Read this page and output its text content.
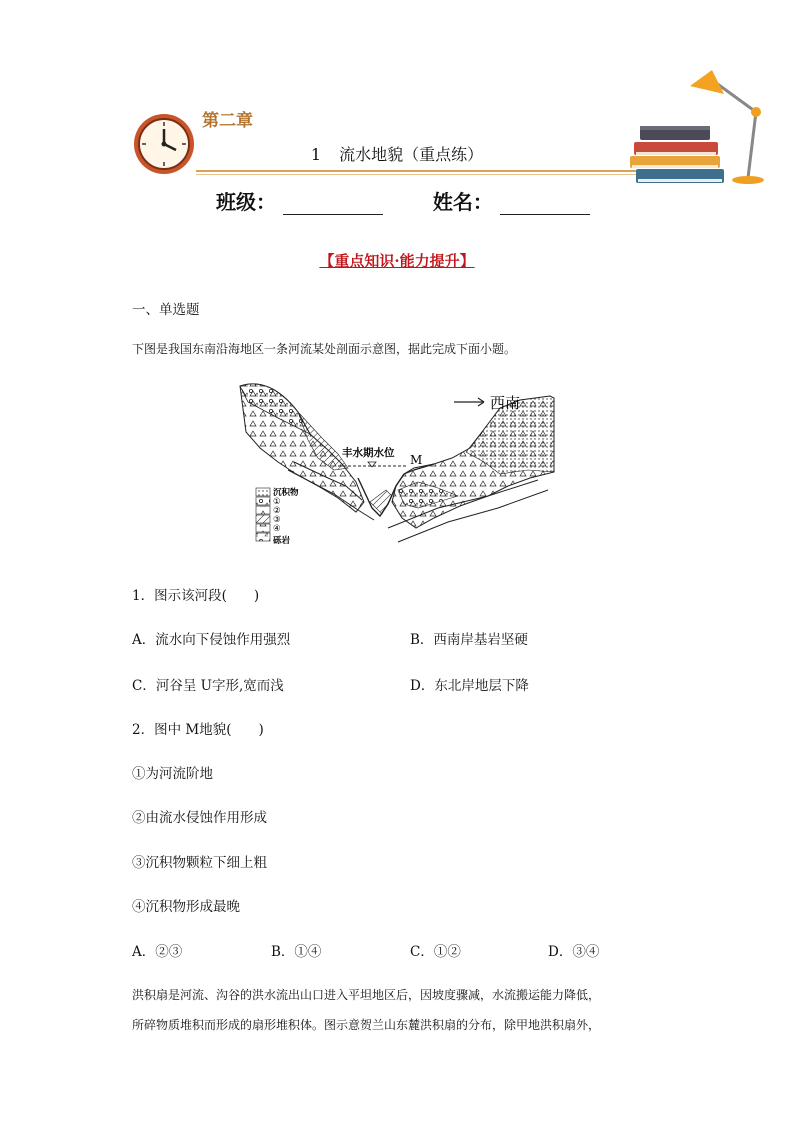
第二章
1 流水地貌（重点练）
班级：	姓名：
【重点知识·能力提升】
一、单选题
下图是我国东南沿海地区一条河流某处剖面示意图，据此完成下面小题。
丰水期水位 M
西南
沉积物
①
②
③
④
砾岩
1．图示该河段(　　)
A．流水向下侵蚀作用强烈	B．西南岸基岩坚硬
C．河谷呈 U字形,宽而浅	D．东北岸地层下降
2．图中 M地貌(　　)
①为河流阶地
②由流水侵蚀作用形成
③沉积物颗粒下细上粗
④沉积物形成最晚
A．②③	B．①④	C．①②	D．③④
洪积扇是河流、沟谷的洪水流出山口进入平坦地区后，因坡度骤减，水流搬运能力降低，
所碎物质堆积而形成的扇形堆积体。图示意贺兰山东麓洪积扇的分布，除甲地洪积扇外，
